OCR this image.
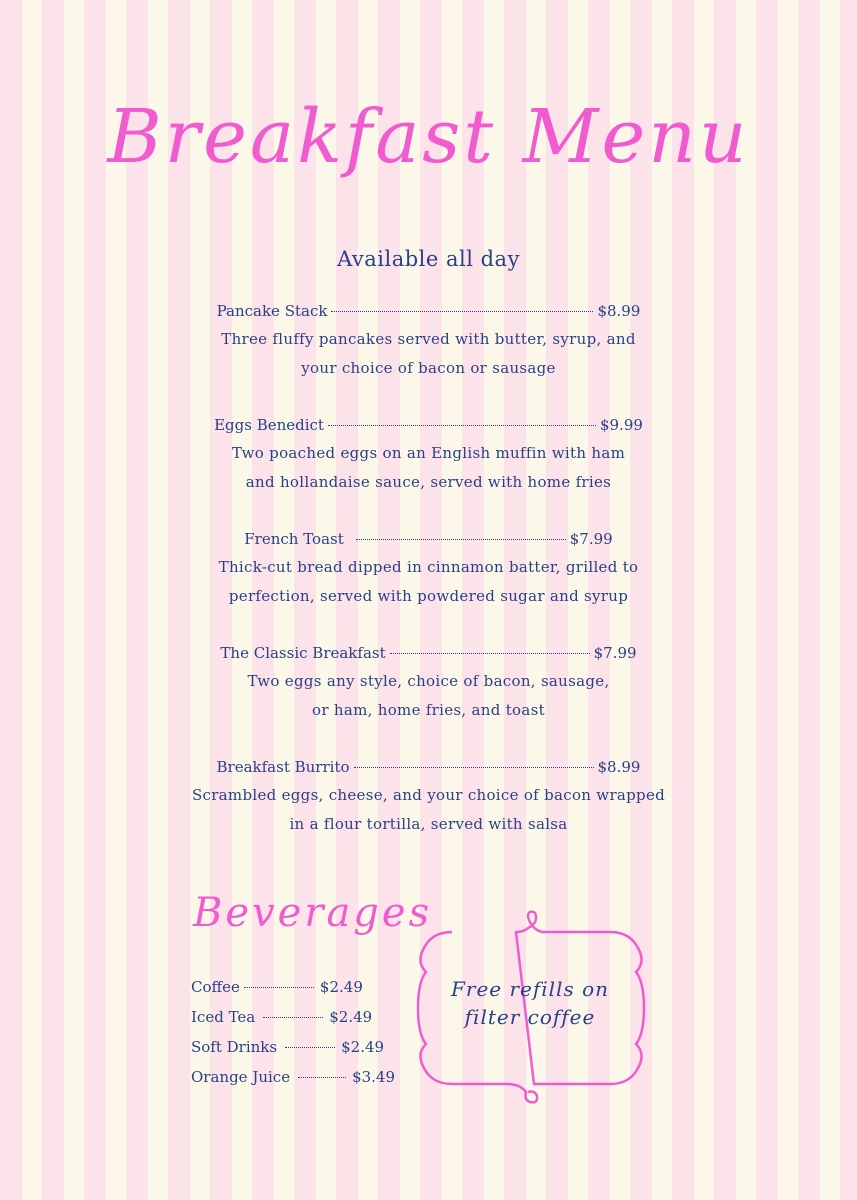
Breakfast Menu
Available all day
Pancake Stack	$8.99
Three fluffy pancakes served with butter, syrup, and
your choice of bacon or sausage
Eggs Benedict	$9.99
Two poached eggs on an English muffin with ham
and hollandaise sauce, served with home fries
French Toast	$7.99
Thick-cut bread dipped in cinnamon batter, grilled to
perfection, served with powdered sugar and syrup
The Classic Breakfast	$7.99
Two eggs any style, choice of bacon, sausage,
or ham, home fries, and toast
Breakfast Burrito	$8.99
Scrambled eggs, cheese, and your choice of bacon wrapped
in a flour tortilla, served with salsa
Beverages
Coffee	$2.49
Iced Tea	$2.49
Soft Drinks	$2.49
Orange Juice	$3.49
Free refills on
filter coffee
